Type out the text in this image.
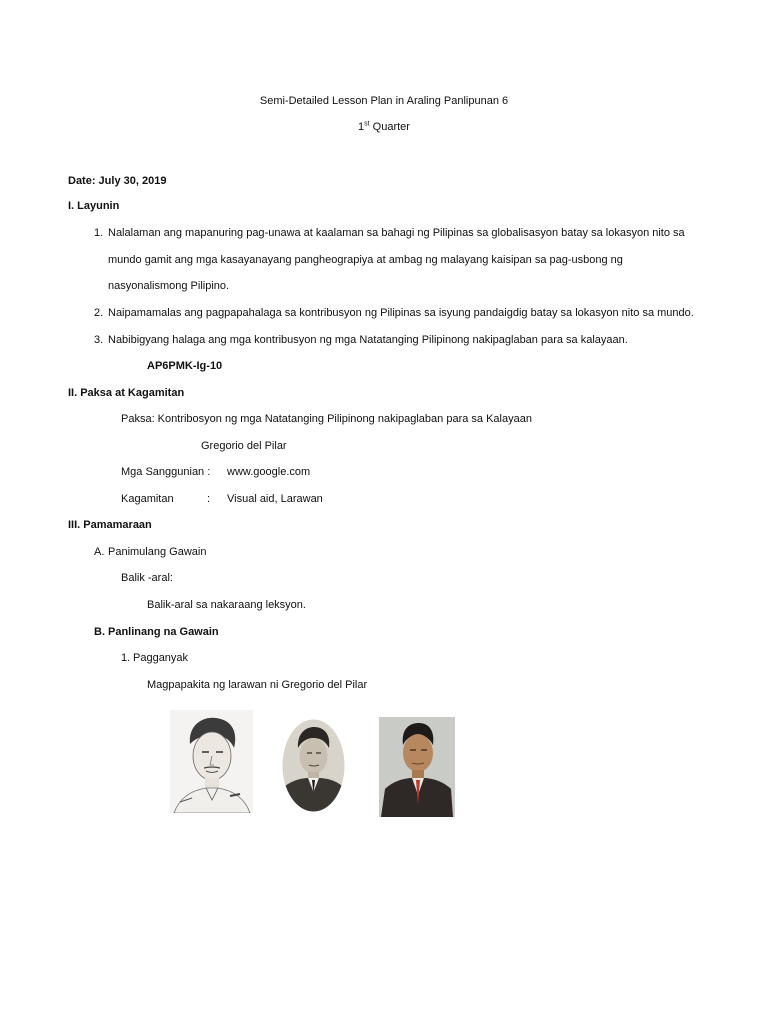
Semi-Detailed Lesson Plan in Araling Panlipunan 6
1st Quarter
Date: July 30, 2019
I. Layunin
1. Nalalaman ang mapanuring pag-unawa at kaalaman sa bahagi ng Pilipinas sa globalisasyon batay sa lokasyon nito sa
mundo gamit ang mga kasayanayang pangheograpiya at ambag ng malayang kaisipan sa pag-usbong ng
nasyonalismong Pilipino.
2. Naipamamalas ang pagpapahalaga sa kontribusyon ng Pilipinas sa isyung pandaigdig batay sa lokasyon nito sa mundo.
3. Nabibigyang halaga ang mga kontribusyon ng mga Natatanging Pilipinong nakipaglaban para sa kalayaan.
AP6PMK-Ig-10
II. Paksa at Kagamitan
Paksa: Kontribosyon ng mga Natatanging Pilipinong nakipaglaban para sa Kalayaan
Gregorio del Pilar
Mga Sanggunian : www.google.com
Kagamitan	: Visual aid, Larawan
III. Pamamaraan
A. Panimulang Gawain
Balik -aral:
Balik-aral sa nakaraang leksyon.
B. Panlinang na Gawain
1. Pagganyak
Magpapakita ng larawan ni Gregorio del Pilar
